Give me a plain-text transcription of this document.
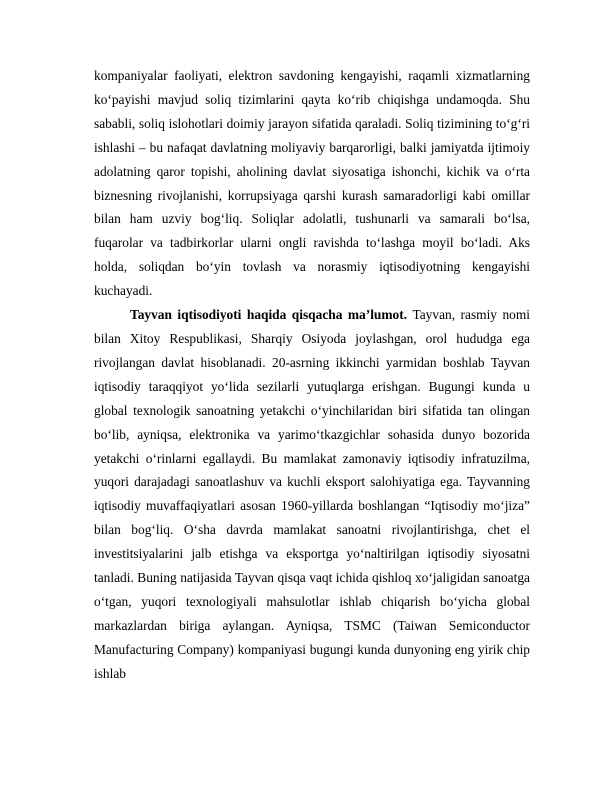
kompaniyalar faoliyati, elektron savdoning kengayishi, raqamli xizmatlarning ko‘payishi mavjud soliq tizimlarini qayta ko‘rib chiqishga undamoqda. Shu sababli, soliq islohotlari doimiy jarayon sifatida qaraladi. Soliq tizimining to‘g‘ri ishlashi – bu nafaqat davlatning moliyaviy barqarorligi, balki jamiyatda ijtimoiy adolatning qaror topishi, aholining davlat siyosatiga ishonchi, kichik va o‘rta biznesning rivojlanishi, korrupsiyaga qarshi kurash samaradorligi kabi omillar bilan ham uzviy bog‘liq. Soliqlar adolatli, tushunarli va samarali bo‘lsa, fuqarolar va tadbirkorlar ularni ongli ravishda to‘lashga moyil bo‘ladi. Aks holda, soliqdan bo‘yin tovlash va norasmiy iqtisodiyotning kengayishi kuchayadi.

Tayvan iqtisodiyoti haqida qisqacha ma’lumot. Tayvan, rasmiy nomi bilan Xitoy Respublikasi, Sharqiy Osiyoda joylashgan, orol hududga ega rivojlangan davlat hisoblanadi. 20-asrning ikkinchi yarmidan boshlab Tayvan iqtisodiy taraqqiyot yo‘lida sezilarli yutuqlarga erishgan. Bugungi kunda u global texnologik sanoatning yetakchi o‘yinchilaridan biri sifatida tan olingan bo‘lib, ayniqsa, elektronika va yarimo‘tkazgichlar sohasida dunyo bozorida yetakchi o‘rinlarni egallaydi. Bu mamlakat zamonaviy iqtisodiy infratuzilma, yuqori darajadagi sanoatlashuv va kuchli eksport salohiyatiga ega. Tayvanning iqtisodiy muvaffaqiyatlari asosan 1960-yillarda boshlangan “Iqtisodiy mo‘jiza” bilan bog‘liq. O‘sha davrda mamlakat sanoatni rivojlantirishga, chet el investitsiyalarini jalb etishga va eksportga yo‘naltirilgan iqtisodiy siyosatni tanladi. Buning natijasida Tayvan qisqa vaqt ichida qishloq xo‘jaligidan sanoatga o‘tgan, yuqori texnologiyali mahsulotlar ishlab chiqarish bo‘yicha global markazlardan biriga aylangan. Ayniqsa, TSMC (Taiwan Semiconductor Manufacturing Company) kompaniyasi bugungi kunda dunyoning eng yirik chip ishlab
